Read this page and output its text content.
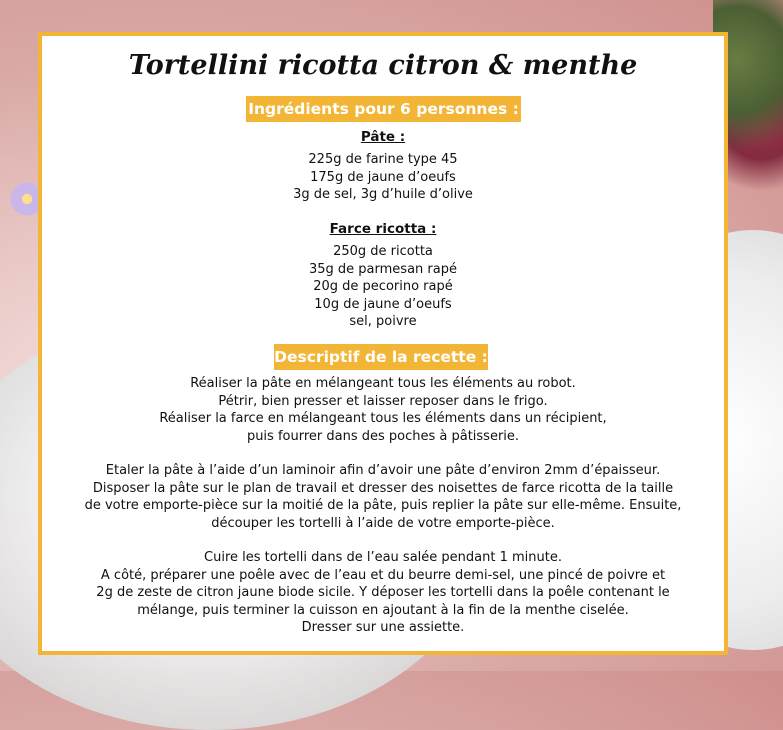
Tortellini ricotta citron & menthe
Ingrédients pour 6 personnes :
Pâte :
225g de farine type 45
175g de jaune d’oeufs
3g de sel, 3g d’huile d’olive
Farce ricotta :
250g de ricotta
35g de parmesan rapé
20g de pecorino rapé
10g de jaune d’oeufs
sel, poivre
Descriptif de la recette :
Réaliser la pâte en mélangeant tous les éléments au robot.
Pétrir, bien presser et laisser reposer dans le frigo.
Réaliser la farce en mélangeant tous les éléments dans un récipient,
puis fourrer dans des poches à pâtisserie.
Etaler la pâte à l’aide d’un laminoir afin d’avoir une pâte d’environ 2mm d’épaisseur.
Disposer la pâte sur le plan de travail et dresser des noisettes de farce ricotta de la taille
de votre emporte-pièce sur la moitié de la pâte, puis replier la pâte sur elle-même. Ensuite,
découper les tortelli à l’aide de votre emporte-pièce.
Cuire les tortelli dans de l’eau salée pendant 1 minute.
A côté, préparer une poêle avec de l’eau et du beurre demi-sel, une pincé de poivre et
2g de zeste de citron jaune biode sicile. Y déposer les tortelli dans la poêle contenant le
mélange, puis terminer la cuisson en ajoutant à la fin de la menthe ciselée.
Dresser sur une assiette.
